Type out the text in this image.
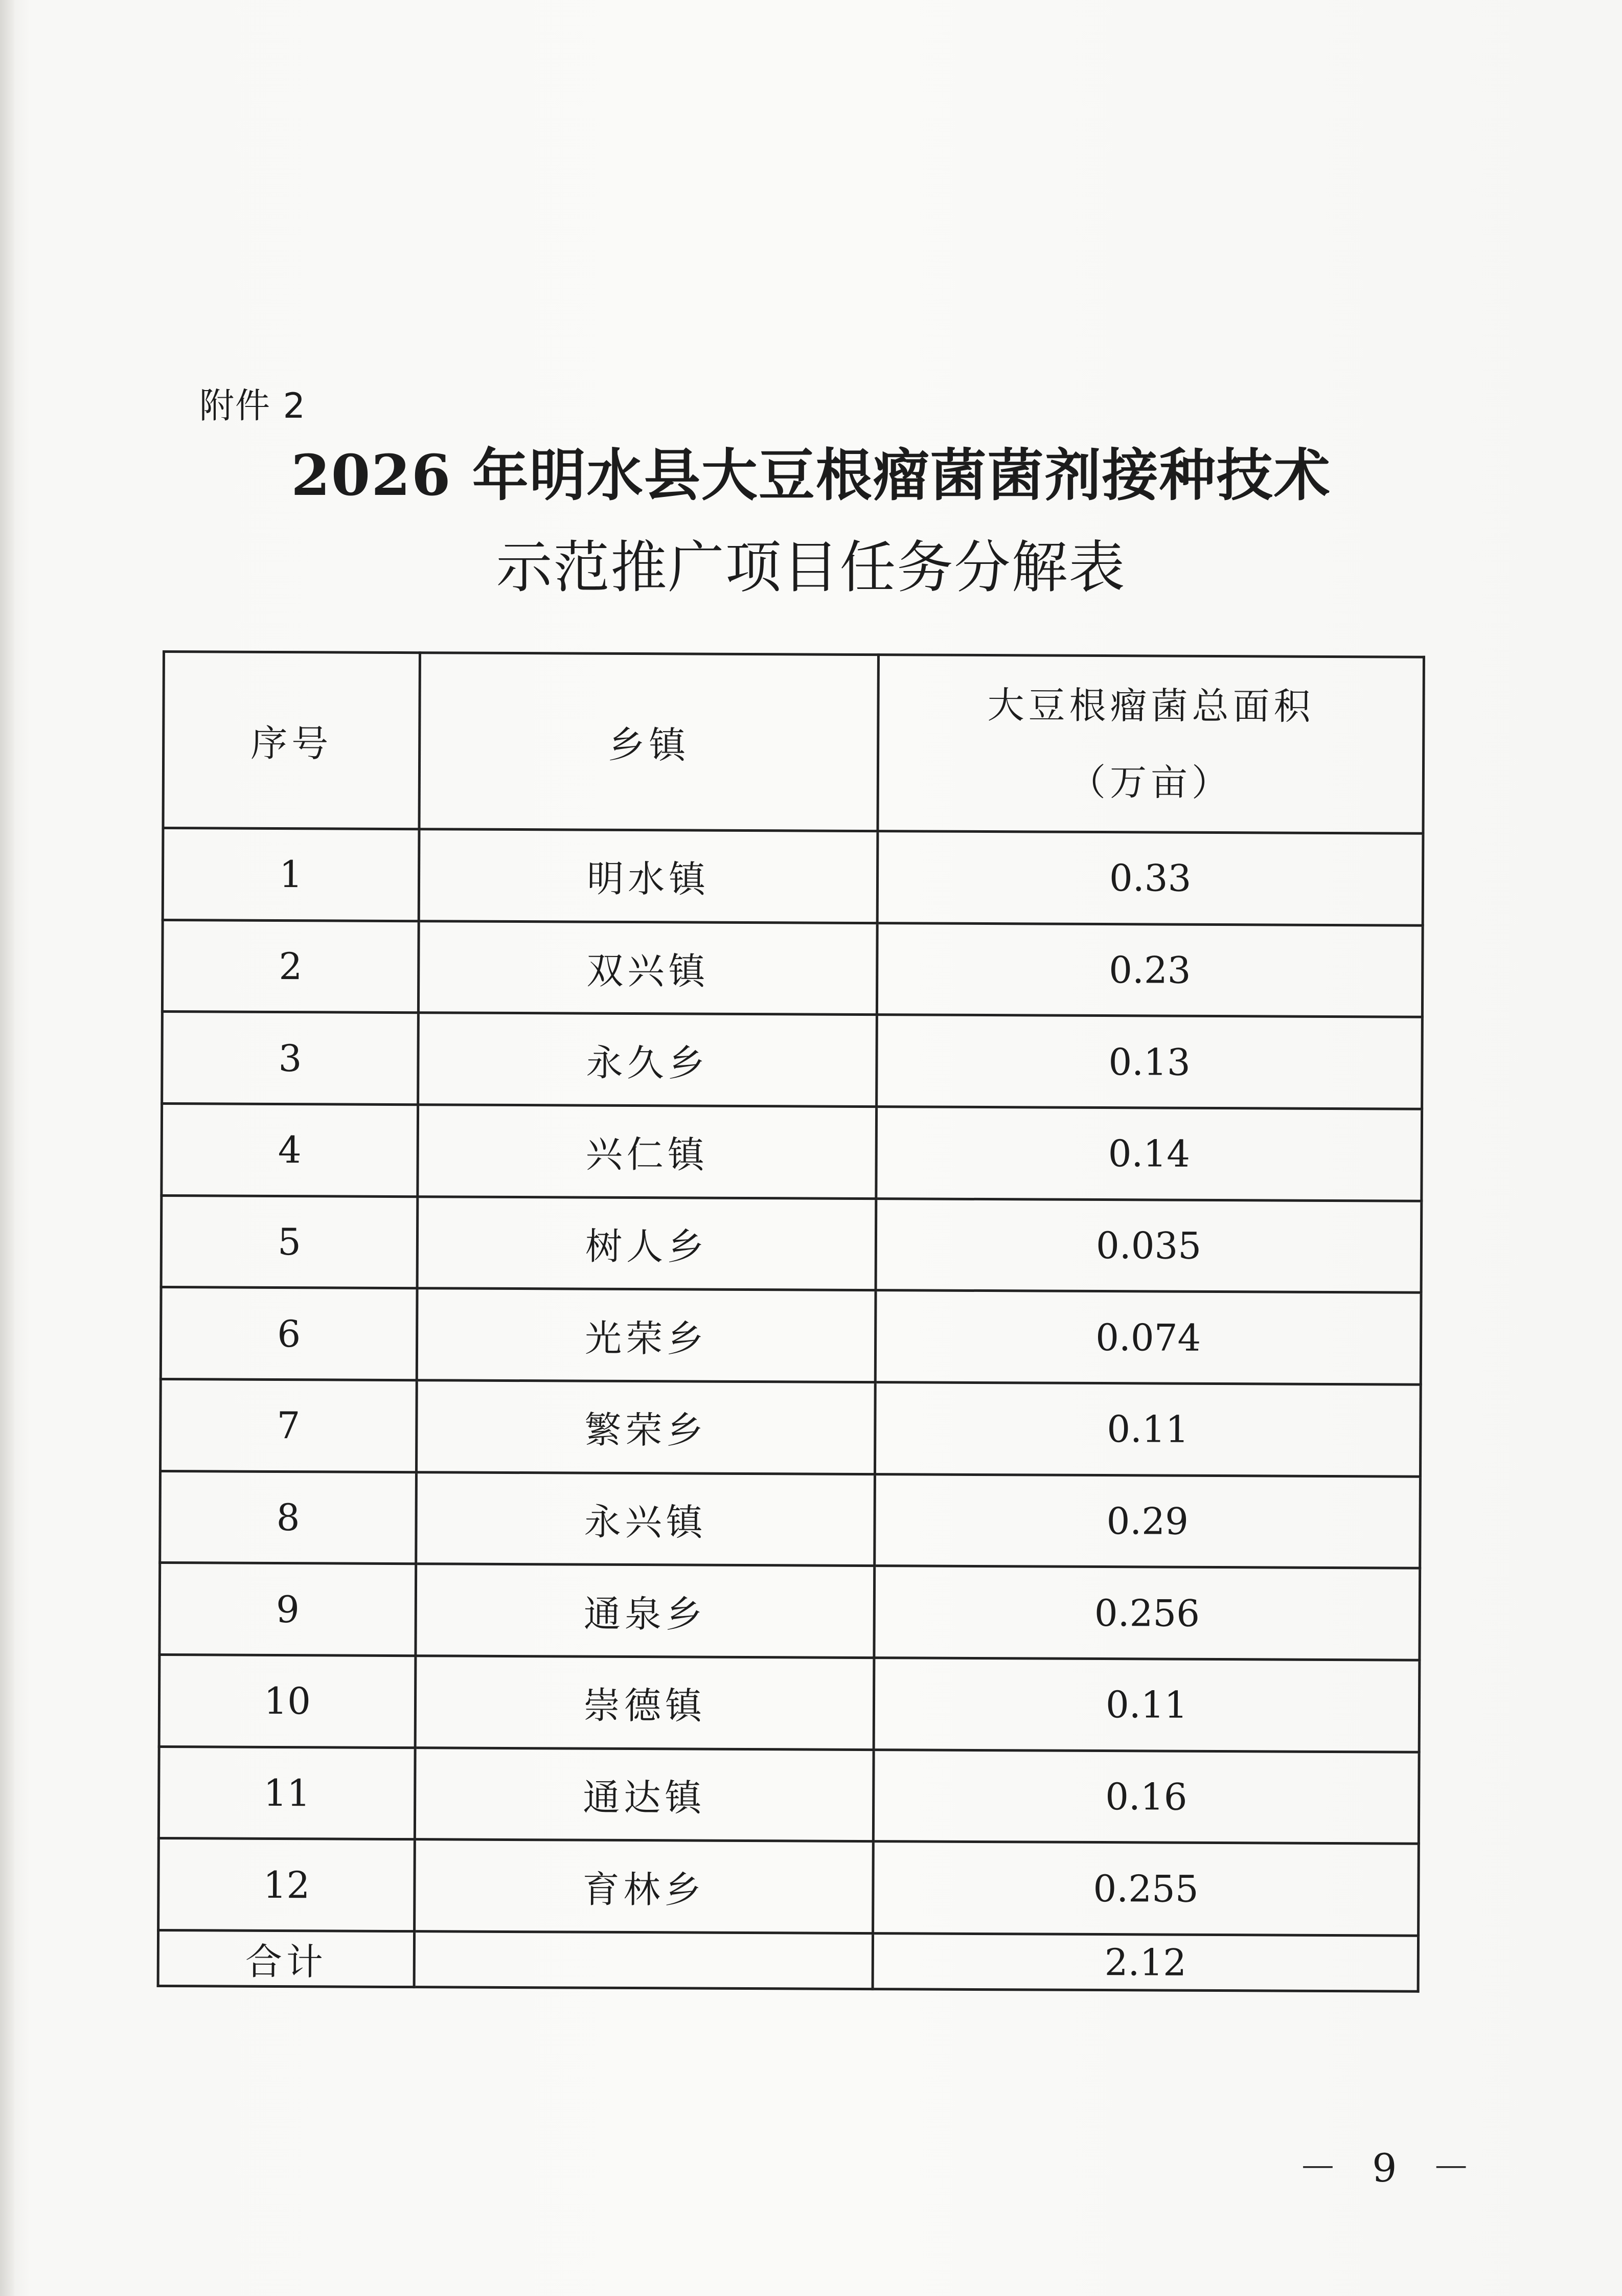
附件 2
2026 年明水县大豆根瘤菌菌剂接种技术
示范推广项目任务分解表
序号	乡镇	大豆根瘤菌总面积
（万亩）

1	明水镇	0.33
2	双兴镇	0.23
3	永久乡	0.13
4	兴仁镇	0.14
5	树人乡	0.035
6	光荣乡	0.074
7	繁荣乡	0.11
8	永兴镇	0.29
9	通泉乡	0.256
10	崇德镇	0.11
11	通达镇	0.16
12	育林乡	0.255
合计		2.12
－ 9 －
